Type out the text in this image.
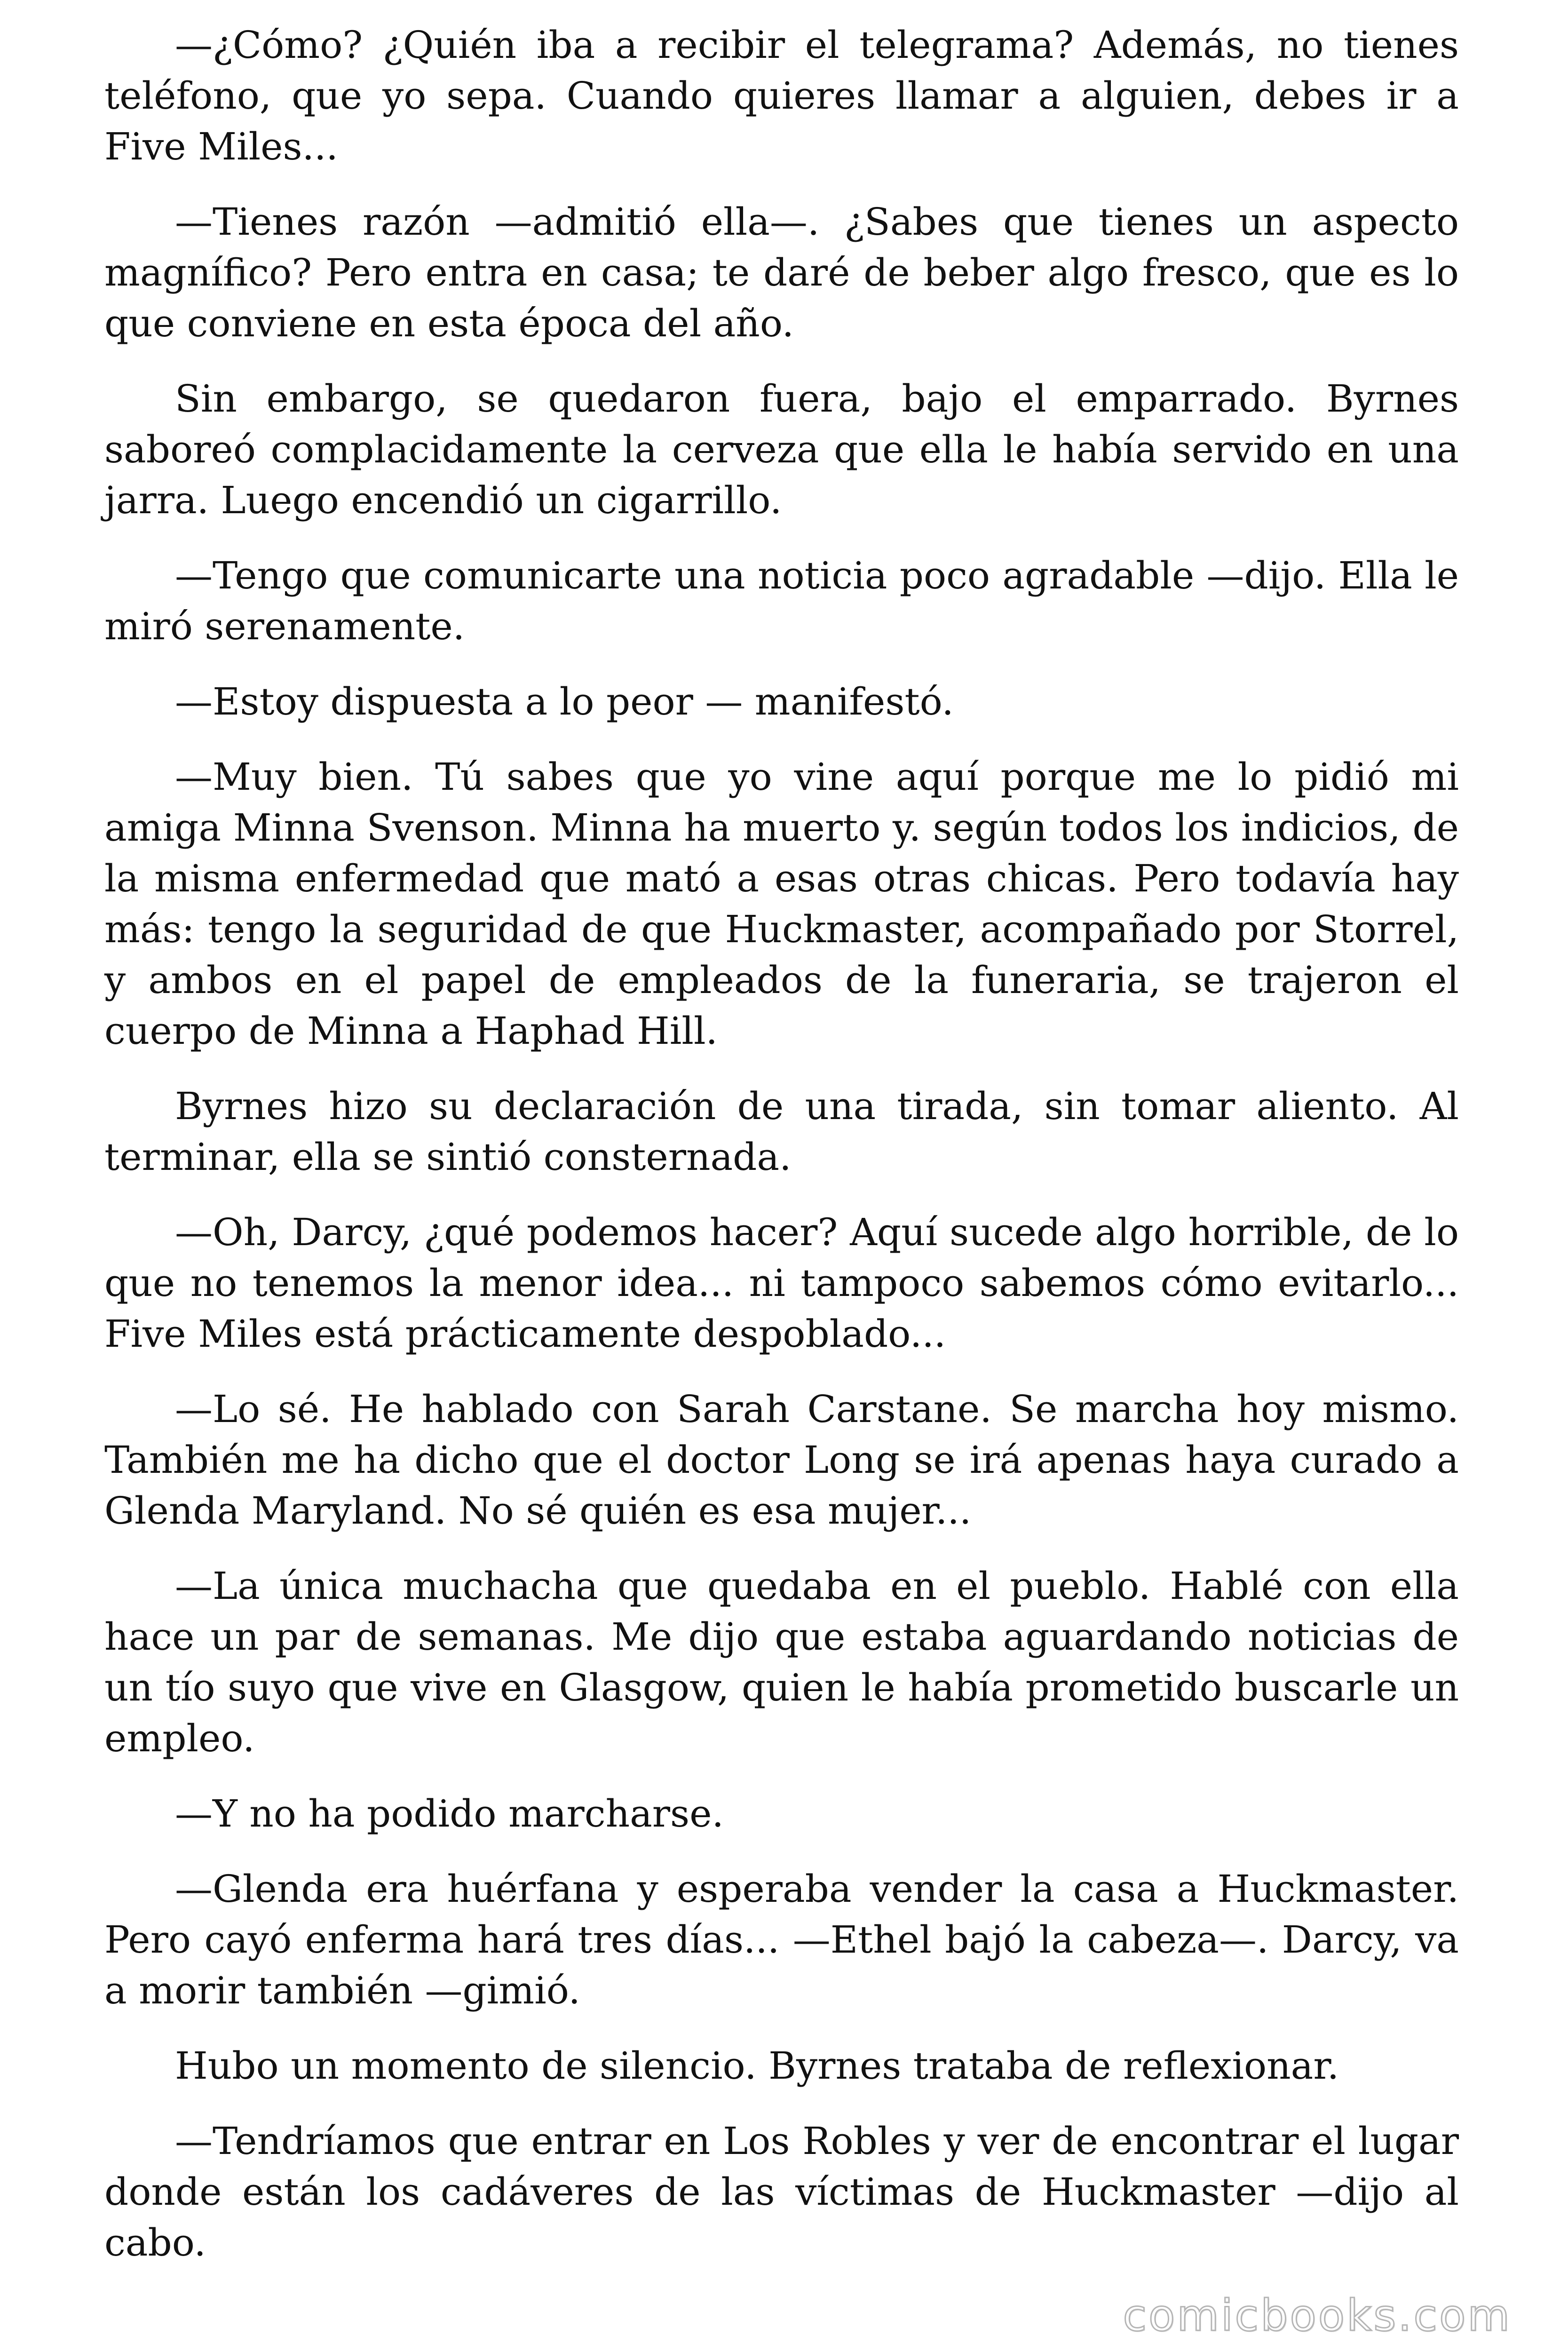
—¿Cómo? ¿Quién iba a recibir el telegrama? Además, no tienes teléfono, que yo sepa. Cuando quieres llamar a alguien, debes ir a Five Miles...

—Tienes razón —admitió ella—. ¿Sabes que tienes un aspecto magnífico? Pero entra en casa; te daré de beber algo fresco, que es lo que conviene en esta época del año.

Sin embargo, se quedaron fuera, bajo el emparrado. Byrnes saboreó complacidamente la cerveza que ella le había servido en una jarra. Luego encendió un cigarrillo.

—Tengo que comunicarte una noticia poco agradable —dijo. Ella le miró serenamente.

—Estoy dispuesta a lo peor — manifestó.

—Muy bien. Tú sabes que yo vine aquí porque me lo pidió mi amiga Minna Svenson. Minna ha muerto y. según todos los indicios, de la misma enfermedad que mató a esas otras chicas. Pero todavía hay más: tengo la seguridad de que Huckmaster, acompañado por Storrel, y ambos en el papel de empleados de la funeraria, se trajeron el cuerpo de Minna a Haphad Hill.

Byrnes hizo su declaración de una tirada, sin tomar aliento. Al terminar, ella se sintió consternada.

—Oh, Darcy, ¿qué podemos hacer? Aquí sucede algo horrible, de lo que no tenemos la menor idea... ni tampoco sabemos cómo evitarlo... Five Miles está prácticamente despoblado...

—Lo sé. He hablado con Sarah Carstane. Se marcha hoy mismo. También me ha dicho que el doctor Long se irá apenas haya curado a Glenda Maryland. No sé quién es esa mujer...

—La única muchacha que quedaba en el pueblo. Hablé con ella hace un par de semanas. Me dijo que estaba aguardando noticias de un tío suyo que vive en Glasgow, quien le había prometido buscarle un empleo.

—Y no ha podido marcharse.

—Glenda era huérfana y esperaba vender la casa a Huckmaster. Pero cayó enferma hará tres días... —Ethel bajó la cabeza—. Darcy, va a morir también —gimió.

Hubo un momento de silencio. Byrnes trataba de reflexionar.

—Tendríamos que entrar en Los Robles y ver de encontrar el lugar donde están los cadáveres de las víctimas de Huckmaster —dijo al cabo.

comicbooks.com
